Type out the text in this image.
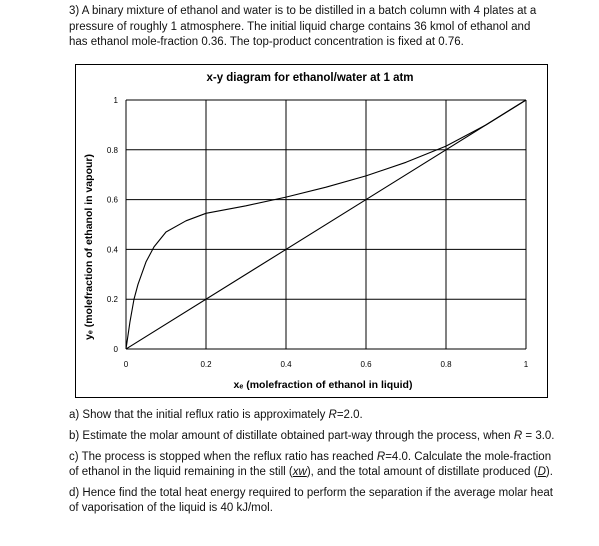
3) A binary mixture of ethanol and water is to be distilled in a batch column with 4 plates at a pressure of roughly 1 atmosphere. The initial liquid charge contains 36 kmol of ethanol and has ethanol mole-fraction 0.36. The top-product concentration is fixed at 0.76.

x-y diagram for ethanol/water at 1 atm
0	0.2	0.4	0.6	0.8	1
0
0.2
0.4
0.6
0.8
1
xₑ (molefraction of ethanol in liquid)
yₑ (molefraction of ethanol in vapour)

a) Show that the initial reflux ratio is approximately R=2.0.

b) Estimate the molar amount of distillate obtained part-way through the process, when R = 3.0.

c) The process is stopped when the reflux ratio has reached R=4.0. Calculate the mole-fraction of ethanol in the liquid remaining in the still (xw), and the total amount of distillate produced (D).

d) Hence find the total heat energy required to perform the separation if the average molar heat of vaporisation of the liquid is 40 kJ/mol.
